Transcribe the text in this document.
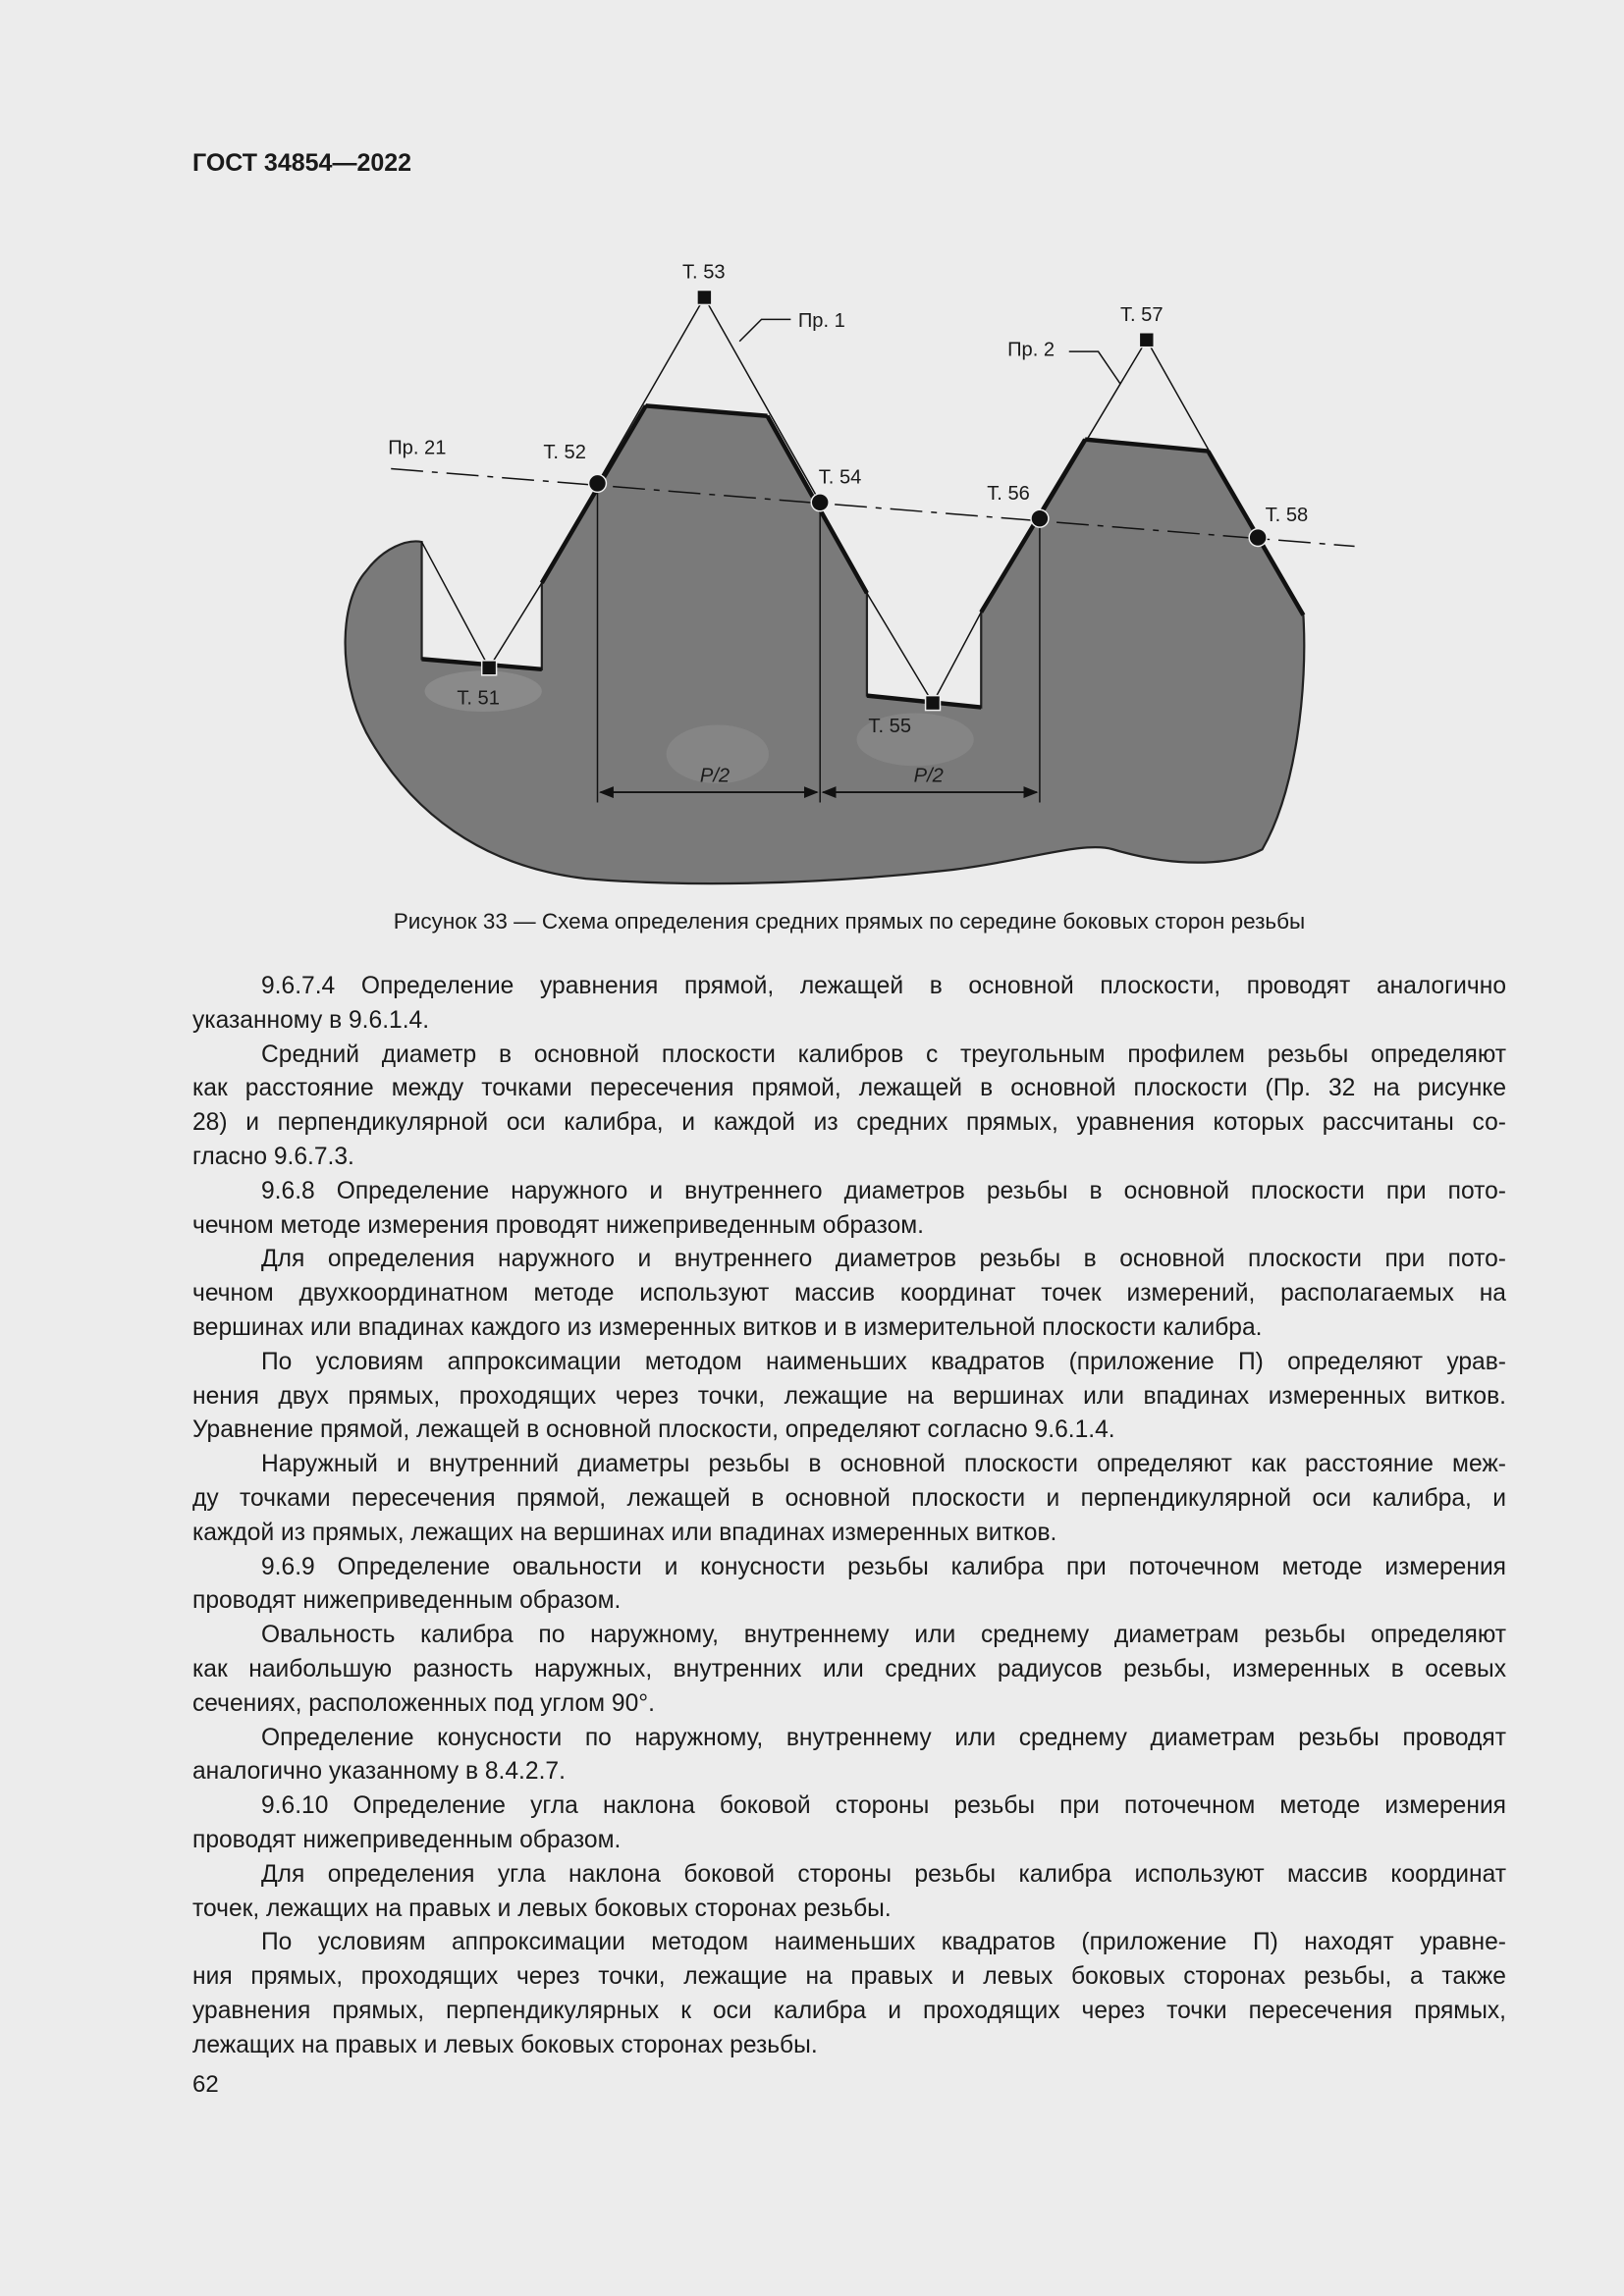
ГОСТ 34854—2022
Т. 53
Пр. 1	Т. 57
Пр. 2
Пр. 21	Т. 52
Т. 54
Т. 56
Т. 58
Т. 51
Т. 55
P/2	P/2
Рисунок 33 — Схема определения средних прямых по середине боковых сторон резьбы
9.6.7.4 Определение уравнения прямой, лежащей в основной плоскости, проводят аналогично
указанному в 9.6.1.4.
Средний диаметр в основной плоскости калибров с треугольным профилем резьбы определяют
как расстояние между точками пересечения прямой, лежащей в основной плоскости (Пр. 32 на рисунке
28) и перпендикулярной оси калибра, и каждой из средних прямых, уравнения которых рассчитаны со-
гласно 9.6.7.3.
9.6.8 Определение наружного и внутреннего диаметров резьбы в основной плоскости при пото-
чечном методе измерения проводят нижеприведенным образом.
Для определения наружного и внутреннего диаметров резьбы в основной плоскости при пото-
чечном двухкоординатном методе используют массив координат точек измерений, располагаемых на
вершинах или впадинах каждого из измеренных витков и в измерительной плоскости калибра.
По условиям аппроксимации методом наименьших квадратов (приложение П) определяют урав-
нения двух прямых, проходящих через точки, лежащие на вершинах или впадинах измеренных витков.
Уравнение прямой, лежащей в основной плоскости, определяют согласно 9.6.1.4.
Наружный и внутренний диаметры резьбы в основной плоскости определяют как расстояние меж-
ду точками пересечения прямой, лежащей в основной плоскости и перпендикулярной оси калибра, и
каждой из прямых, лежащих на вершинах или впадинах измеренных витков.
9.6.9 Определение овальности и конусности резьбы калибра при поточечном методе измерения
проводят нижеприведенным образом.
Овальность калибра по наружному, внутреннему или среднему диаметрам резьбы определяют
как наибольшую разность наружных, внутренних или средних радиусов резьбы, измеренных в осевых
сечениях, расположенных под углом 90°.
Определение конусности по наружному, внутреннему или среднему диаметрам резьбы проводят
аналогично указанному в 8.4.2.7.
9.6.10 Определение угла наклона боковой стороны резьбы при поточечном методе измерения
проводят нижеприведенным образом.
Для определения угла наклона боковой стороны резьбы калибра используют массив координат
точек, лежащих на правых и левых боковых сторонах резьбы.
По условиям аппроксимации методом наименьших квадратов (приложение П) находят уравне-
ния прямых, проходящих через точки, лежащие на правых и левых боковых сторонах резьбы, а также
уравнения прямых, перпендикулярных к оси калибра и проходящих через точки пересечения прямых,
лежащих на правых и левых боковых сторонах резьбы.
62
